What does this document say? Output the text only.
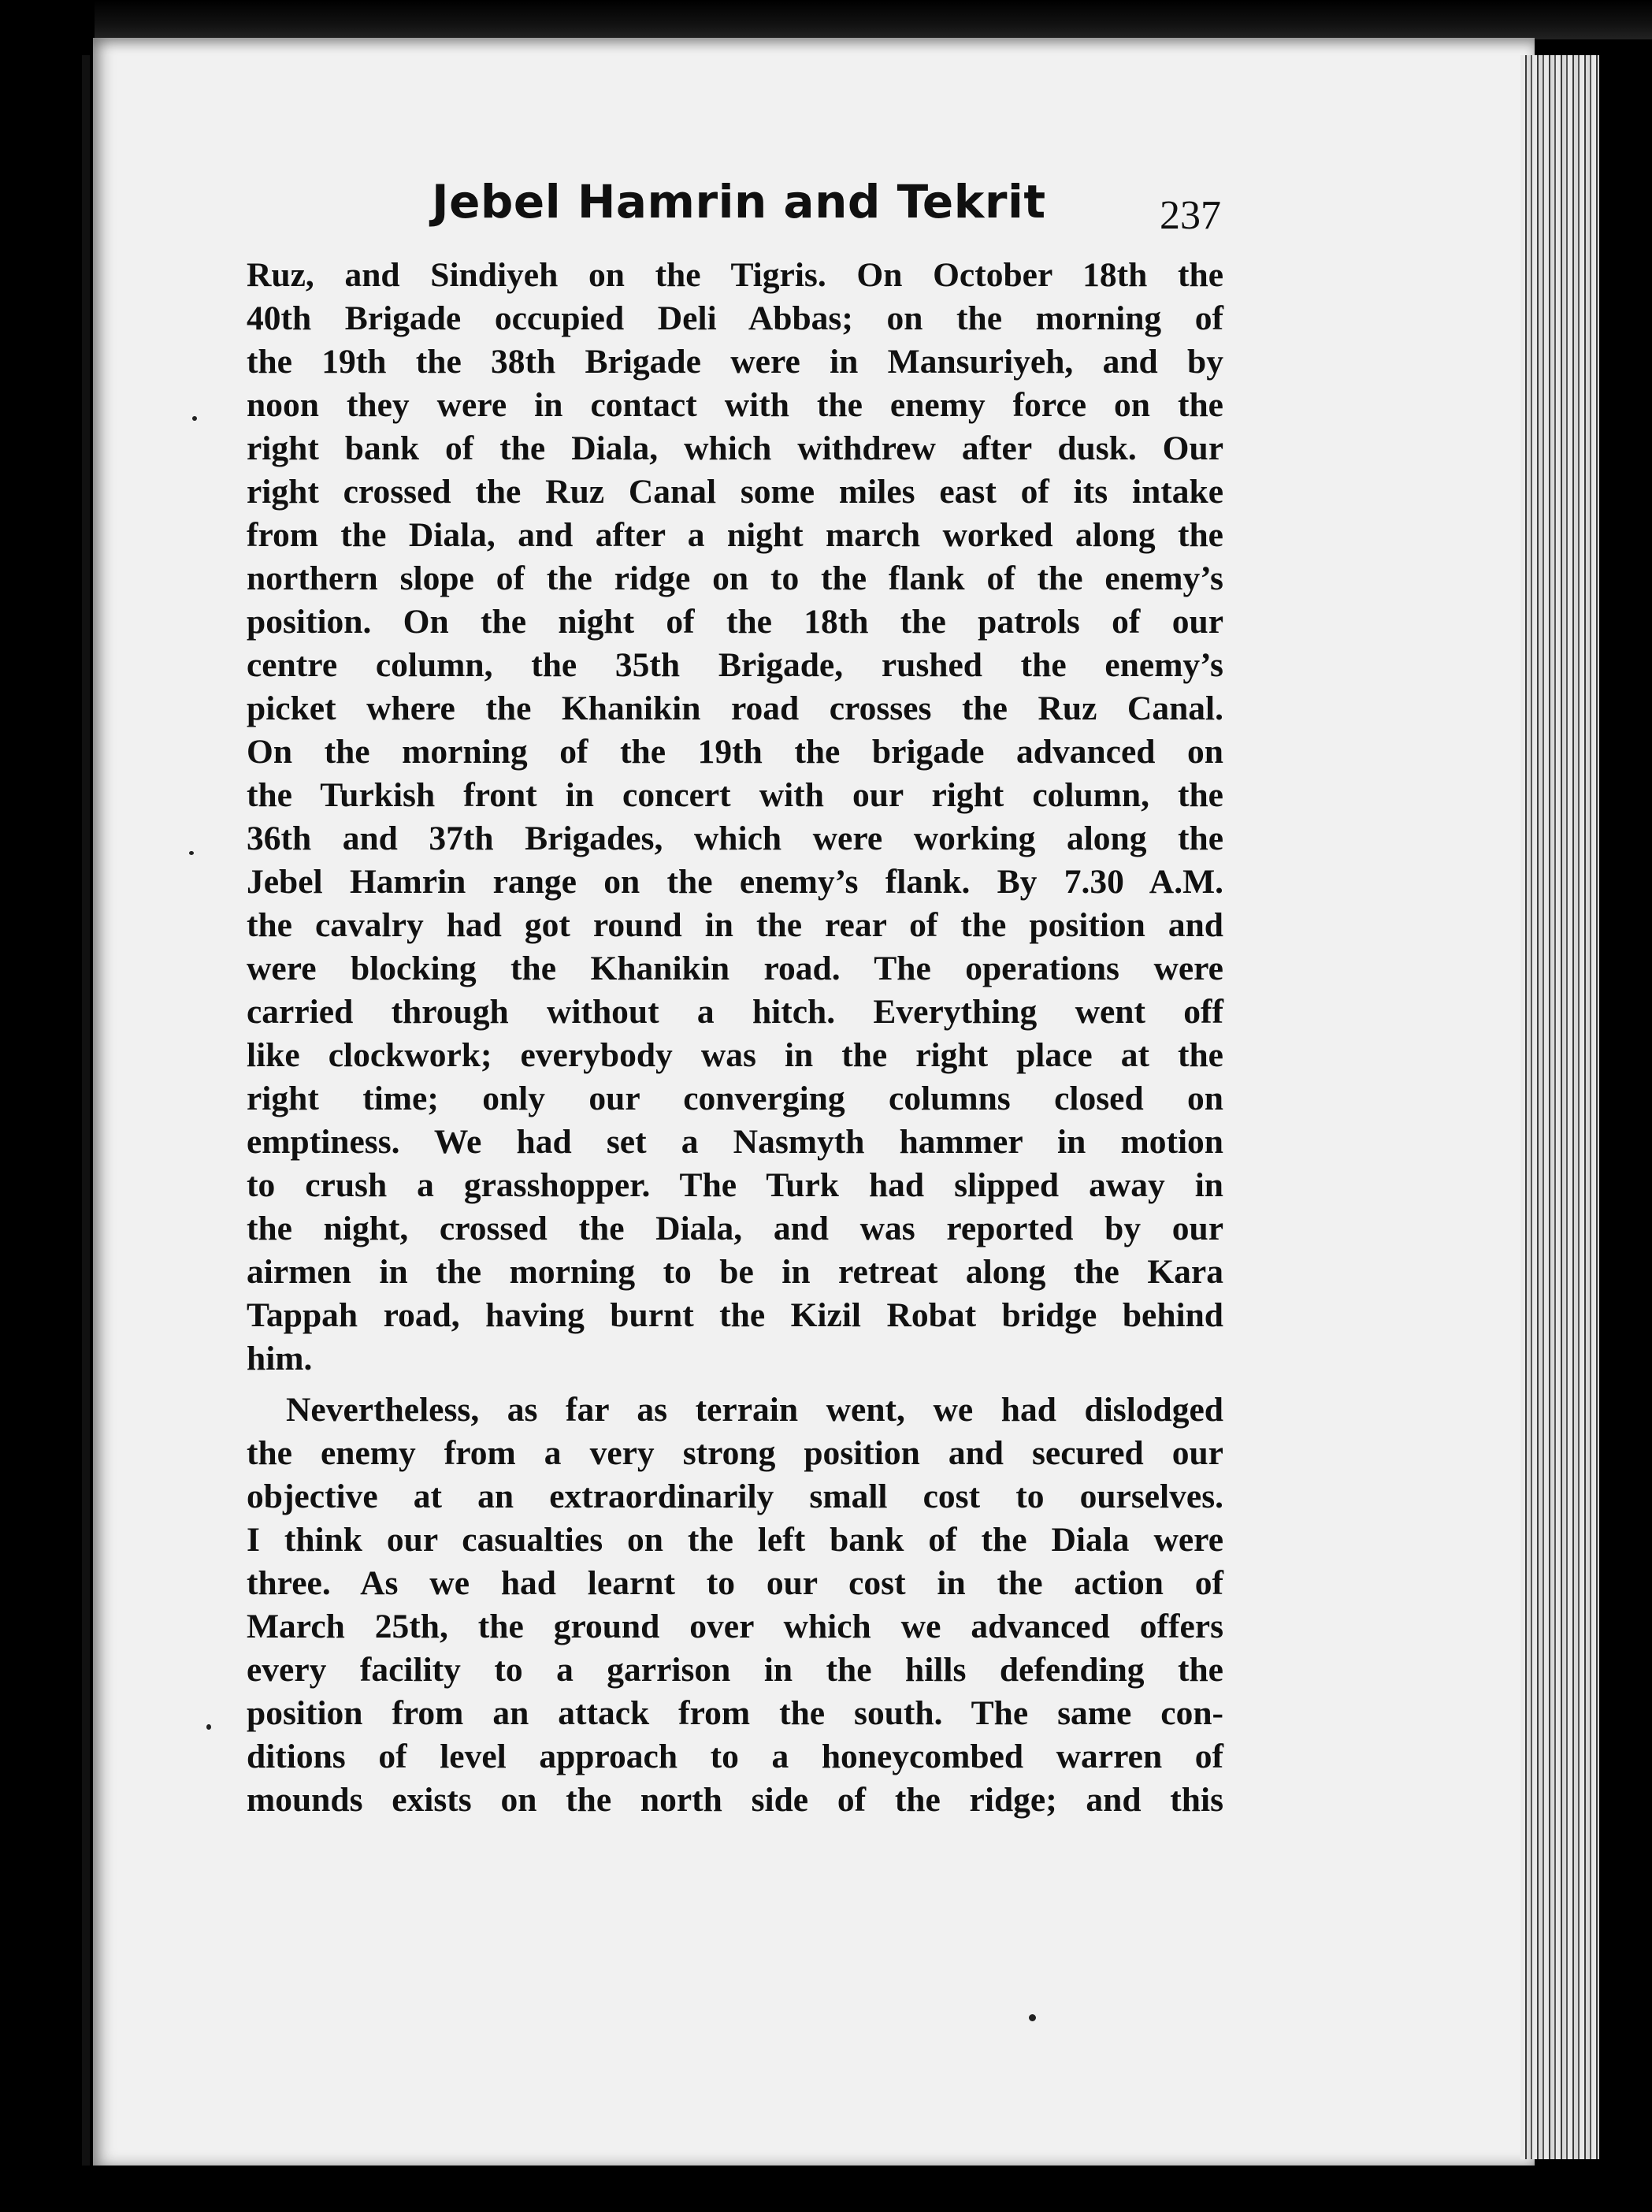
Jebel Hamrin and Tekrit	237
Ruz, and Sindiyeh on the Tigris. On October 18th the
40th Brigade occupied Deli Abbas; on the morning of
the 19th the 38th Brigade were in Mansuriyeh, and by
noon they were in contact with the enemy force on the
right bank of the Diala, which withdrew after dusk. Our
right crossed the Ruz Canal some miles east of its intake
from the Diala, and after a night march worked along the
northern slope of the ridge on to the flank of the enemy’s
position. On the night of the 18th the patrols of our
centre column, the 35th Brigade, rushed the enemy’s
picket where the Khanikin road crosses the Ruz Canal.
On the morning of the 19th the brigade advanced on
the Turkish front in concert with our right column, the
36th and 37th Brigades, which were working along the
Jebel Hamrin range on the enemy’s flank. By 7.30 A.M.
the cavalry had got round in the rear of the position and
were blocking the Khanikin road. The operations were
carried through without a hitch. Everything went off
like clockwork; everybody was in the right place at the
right time; only our converging columns closed on
emptiness. We had set a Nasmyth hammer in motion
to crush a grasshopper. The Turk had slipped away in
the night, crossed the Diala, and was reported by our
airmen in the morning to be in retreat along the Kara
Tappah road, having burnt the Kizil Robat bridge behind
him.
Nevertheless, as far as terrain went, we had dislodged
the enemy from a very strong position and secured our
objective at an extraordinarily small cost to ourselves.
I think our casualties on the left bank of the Diala were
three. As we had learnt to our cost in the action of
March 25th, the ground over which we advanced offers
every facility to a garrison in the hills defending the
position from an attack from the south. The same con-
ditions of level approach to a honeycombed warren of
mounds exists on the north side of the ridge; and this
